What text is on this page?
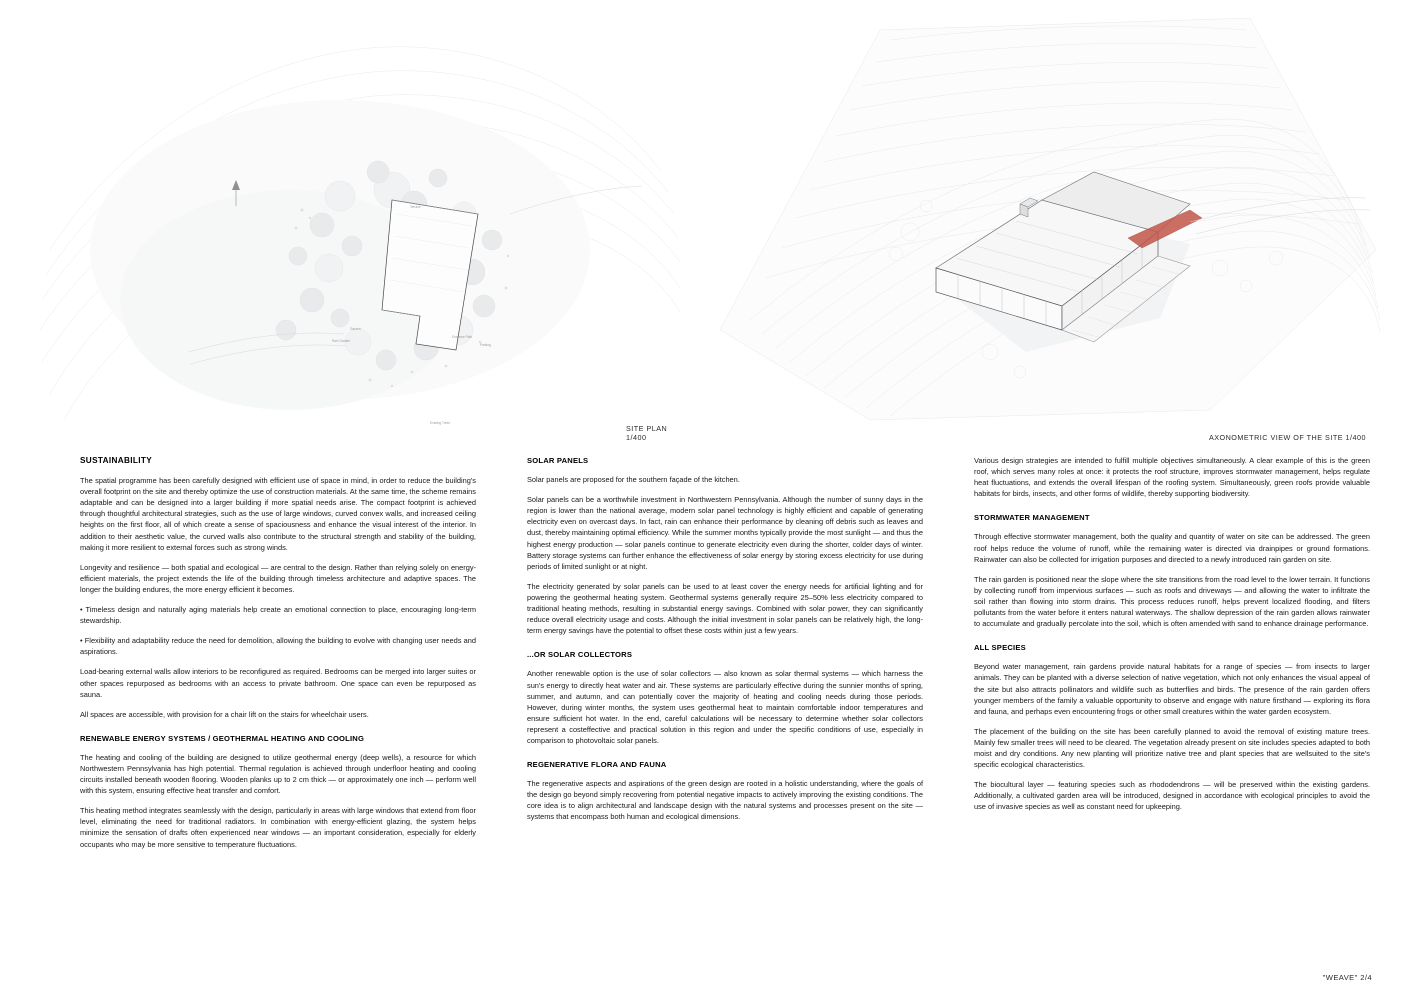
Terrace
Garden
Rain Garden
Parking
Entrance Path
Existing Trees
SITE PLAN 1/400	AXONOMETRIC VIEW OF THE SITE 1/400
SUSTAINABILITY

The spatial programme has been carefully designed with efficient use of space in mind, in order to reduce the building's overall footprint on the site and thereby optimize the use of construction materials. At the same time, the scheme remains adaptable and can be designed into a larger building if more spatial needs arise. The compact footprint is achieved through thoughtful architectural strategies, such as the use of large windows, curved convex walls, and increased ceiling heights on the first floor, all of which create a sense of spaciousness and enhance the visual interest of the interior. In addition to their aesthetic value, the curved walls also contribute to the structural strength and stability of the building, making it more resilient to external forces such as strong winds.

Longevity and resilience — both spatial and ecological — are central to the design. Rather than relying solely on energy-efficient materials, the project extends the life of the building through timeless architecture and adaptive spaces. The longer the building endures, the more energy efficient it becomes.

• Timeless design and naturally aging materials help create an emotional connection to place, encouraging long-term stewardship.

• Flexibility and adaptability reduce the need for demolition, allowing the building to evolve with changing user needs and aspirations.

Load-bearing external walls allow interiors to be reconfigured as required. Bedrooms can be merged into larger suites or other spaces repurposed as bedrooms with an access to private bathroom. One space can even be repurposed as sauna.

All spaces are accessible, with provision for a chair lift on the stairs for wheelchair users.

RENEWABLE ENERGY SYSTEMS / GEOTHERMAL HEATING AND COOLING

The heating and cooling of the building are designed to utilize geothermal energy (deep wells), a resource for which Northwestern Pennsylvania has high potential. Thermal regulation is achieved through underfloor heating and cooling circuits installed beneath wooden flooring. Wooden planks up to 2 cm thick — or approximately one inch — perform well with this system, ensuring effective heat transfer and comfort.

This heating method integrates seamlessly with the design, particularly in areas with large windows that extend from floor level, eliminating the need for traditional radiators. In combination with energy-efficient glazing, the system helps minimize the sensation of drafts often experienced near windows — an important consideration, especially for elderly occupants who may be more sensitive to temperature fluctuations.

SOLAR PANELS

Solar panels are proposed for the southern façade of the kitchen.

Solar panels can be a worthwhile investment in Northwestern Pennsylvania. Although the number of sunny days in the region is lower than the national average, modern solar panel technology is highly efficient and capable of generating electricity even on overcast days. In fact, rain can enhance their performance by cleaning off debris such as leaves and dust, thereby maintaining optimal efficiency. While the summer months typically provide the most sunlight — and thus the highest energy production — solar panels continue to generate electricity even during the shorter, colder days of winter. Battery storage systems can further enhance the effectiveness of solar energy by storing excess electricity for use during periods of limited sunlight or at night.

The electricity generated by solar panels can be used to at least cover the energy needs for artificial lighting and for powering the geothermal heating system. Geothermal systems generally require 25–50% less electricity compared to traditional heating methods, resulting in substantial energy savings. Combined with solar power, they can significantly reduce overall electricity usage and costs. Although the initial investment in solar panels can be relatively high, the long-term energy savings have the potential to offset these costs within just a few years.

...OR SOLAR COLLECTORS

Another renewable option is the use of solar collectors — also known as solar thermal systems — which harness the sun's energy to directly heat water and air. These systems are particularly effective during the sunnier months of spring, summer, and autumn, and can potentially cover the majority of heating and cooling needs during those periods. However, during winter months, the system uses geothermal heat to maintain comfortable indoor temperatures and ensure sufficient hot water. In the end, careful calculations will be necessary to determine whether solar collectors represent a costeffective and practical solution in this region and under the specific conditions of use, especially in comparison to photovoltaic solar panels.

REGENERATIVE FLORA AND FAUNA

The regenerative aspects and aspirations of the green design are rooted in a holistic understanding, where the goals of the design go beyond simply recovering from potential negative impacts to actively improving the existing conditions. The core idea is to align architectural and landscape design with the natural systems and processes present on the site — systems that encompass both human and ecological dimensions.

Various design strategies are intended to fulfill multiple objectives simultaneously. A clear example of this is the green roof, which serves many roles at once: it protects the roof structure, improves stormwater management, helps regulate heat fluctuations, and extends the overall lifespan of the roofing system. Simultaneously, green roofs provide valuable habitats for birds, insects, and other forms of wildlife, thereby supporting biodiversity.

STORMWATER MANAGEMENT

Through effective stormwater management, both the quality and quantity of water on site can be addressed. The green roof helps reduce the volume of runoff, while the remaining water is directed via drainpipes or ground formations. Rainwater can also be collected for irrigation purposes and directed to a newly introduced rain garden on site.

The rain garden is positioned near the slope where the site transitions from the road level to the lower terrain. It functions by collecting runoff from impervious surfaces — such as roofs and driveways — and allowing the water to infiltrate the soil rather than flowing into storm drains. This process reduces runoff, helps prevent localized flooding, and filters pollutants from the water before it enters natural waterways. The shallow depression of the rain garden allows rainwater to accumulate and gradually percolate into the soil, which is often amended with sand to enhance drainage performance.

ALL SPECIES

Beyond water management, rain gardens provide natural habitats for a range of species — from insects to larger animals. They can be planted with a diverse selection of native vegetation, which not only enhances the visual appeal of the site but also attracts pollinators and wildlife such as butterflies and birds. The presence of the rain garden offers younger members of the family a valuable opportunity to observe and engage with nature firsthand — exploring its flora and fauna, and perhaps even encountering frogs or other small creatures within the water garden ecosystem.

The placement of the building on the site has been carefully planned to avoid the removal of existing mature trees. Mainly few smaller trees will need to be cleared. The vegetation already present on site includes species adapted to both moist and dry conditions. Any new planting will prioritize native tree and plant species that are wellsuited to the site's specific ecological characteristics.

The biocultural layer — featuring species such as rhododendrons — will be preserved within the existing gardens. Additionally, a cultivated garden area will be introduced, designed in accordance with ecological principles to avoid the use of invasive species as well as constant need for upkeeping.

"WEAVE" 2/4
